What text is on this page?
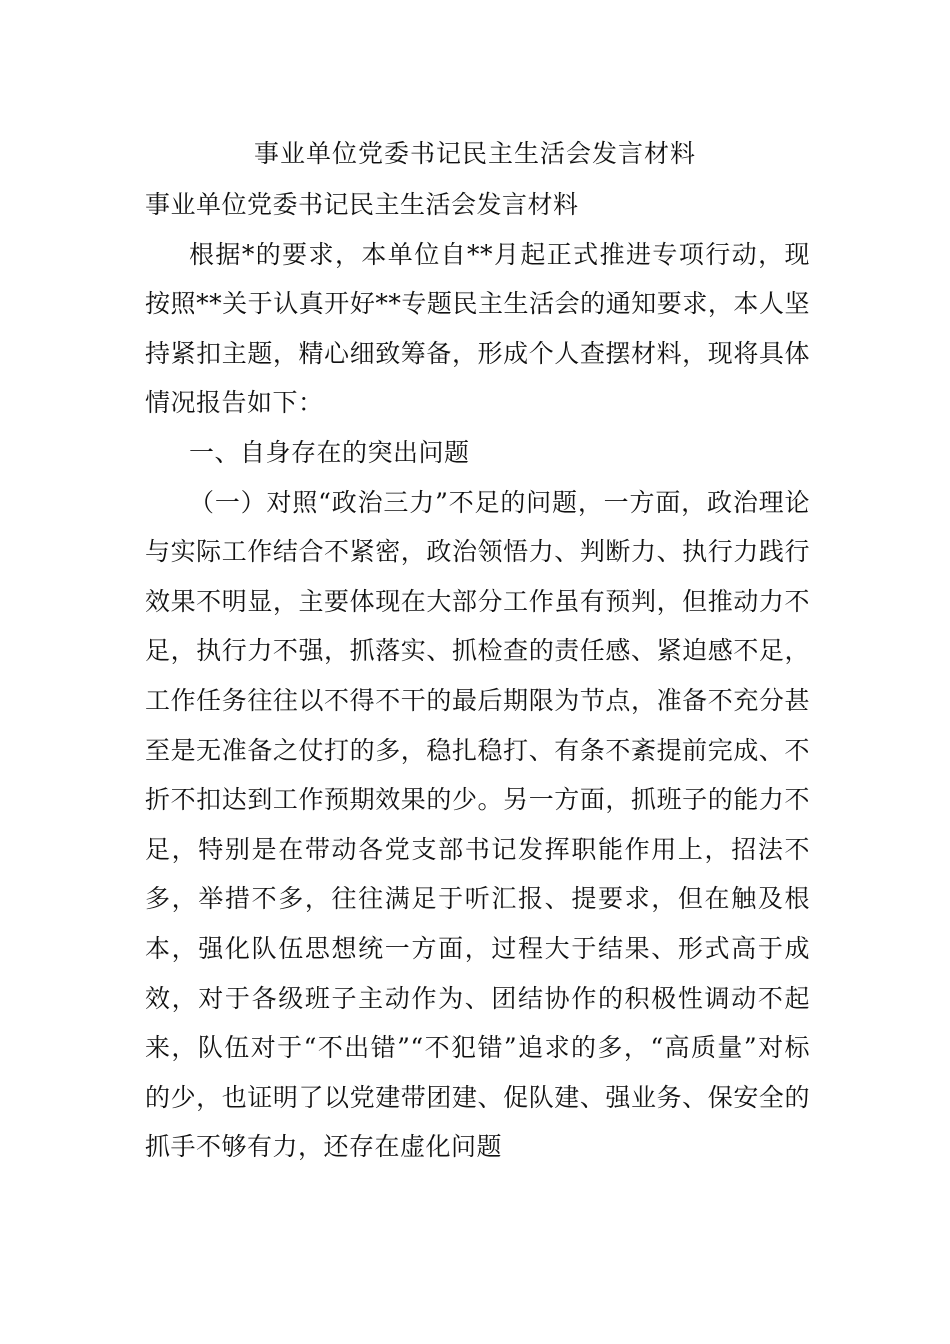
事业单位党委书记民主生活会发言材料

事业单位党委书记民主生活会发言材料

根据*的要求，本单位自**月起正式推进专项行动，现按照**关于认真开好**专题民主生活会的通知要求，本人坚持紧扣主题，精心细致筹备，形成个人查摆材料，现将具体情况报告如下：

一、自身存在的突出问题

（一）对照“政治三力”不足的问题，一方面，政治理论与实际工作结合不紧密，政治领悟力、判断力、执行力践行效果不明显，主要体现在大部分工作虽有预判，但推动力不足，执行力不强，抓落实、抓检查的责任感、紧迫感不足，工作任务往往以不得不干的最后期限为节点，准备不充分甚至是无准备之仗打的多，稳扎稳打、有条不紊提前完成、不折不扣达到工作预期效果的少。另一方面，抓班子的能力不足，特别是在带动各党支部书记发挥职能作用上，招法不多，举措不多，往往满足于听汇报、提要求，但在触及根本，强化队伍思想统一方面，过程大于结果、形式高于成效，对于各级班子主动作为、团结协作的积极性调动不起来，队伍对于“不出错”“不犯错”追求的多，“高质量”对标的少，也证明了以党建带团建、促队建、强业务、保安全的抓手不够有力，还存在虚化问题
